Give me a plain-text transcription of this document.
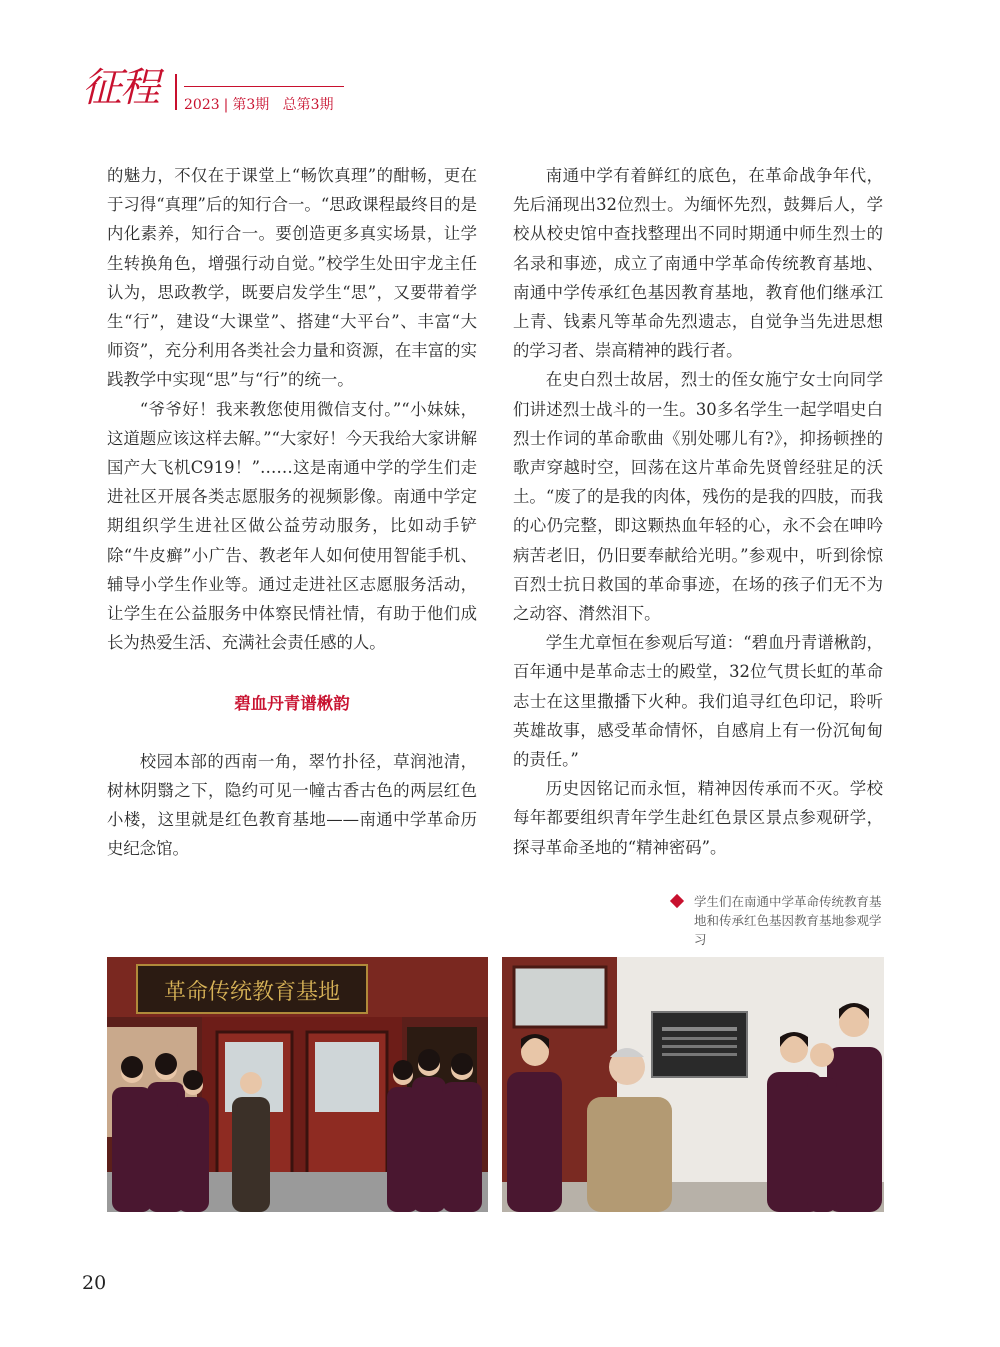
征程 2023 | 第3期 总第3期

的魅力，不仅在于课堂上“畅饮真理”的酣畅，更在于习得“真理”后的知行合一。“思政课程最终目的是内化素养，知行合一。要创造更多真实场景，让学生转换角色，增强行动自觉。”校学生处田宇龙主任认为，思政教学，既要启发学生“思”，又要带着学生“行”，建设“大课堂”、搭建“大平台”、丰富“大师资”，充分利用各类社会力量和资源，在丰富的实践教学中实现“思”与“行”的统一。

“爷爷好！我来教您使用微信支付。”“小妹妹，这道题应该这样去解。”“大家好！今天我给大家讲解国产大飞机C919！”……这是南通中学的学生们走进社区开展各类志愿服务的视频影像。南通中学定期组织学生进社区做公益劳动服务，比如动手铲除“牛皮癣”小广告、教老年人如何使用智能手机、辅导小学生作业等。通过走进社区志愿服务活动，让学生在公益服务中体察民情社情，有助于他们成长为热爱生活、充满社会责任感的人。

碧血丹青谱楸韵

校园本部的西南一角，翠竹扑径，草润池清，树林阴翳之下，隐约可见一幢古香古色的两层红色小楼，这里就是红色教育基地——南通中学革命历史纪念馆。

南通中学有着鲜红的底色，在革命战争年代，先后涌现出32位烈士。为缅怀先烈，鼓舞后人，学校从校史馆中查找整理出不同时期通中师生烈士的名录和事迹，成立了南通中学革命传统教育基地、南通中学传承红色基因教育基地，教育他们继承江上青、钱素凡等革命先烈遗志，自觉争当先进思想的学习者、崇高精神的践行者。

在史白烈士故居，烈士的侄女施宁女士向同学们讲述烈士战斗的一生。30多名学生一起学唱史白烈士作词的革命歌曲《别处哪儿有?》，抑扬顿挫的歌声穿越时空，回荡在这片革命先贤曾经驻足的沃土。“废了的是我的肉体，残伤的是我的四肢，而我的心仍完整，即这颗热血年轻的心，永不会在呻吟病苦老旧，仍旧要奉献给光明。”参观中，听到徐惊百烈士抗日救国的革命事迹，在场的孩子们无不为之动容、潸然泪下。

学生尤章恒在参观后写道：“碧血丹青谱楸韵，百年通中是革命志士的殿堂，32位气贯长虹的革命志士在这里撒播下火种。我们追寻红色印记，聆听英雄故事，感受革命情怀，自感肩上有一份沉甸甸的责任。”

历史因铭记而永恒，精神因传承而不灭。学校每年都要组织青年学生赴红色景区景点参观研学，探寻革命圣地的“精神密码”。

学生们在南通中学革命传统教育基地和传承红色基因教育基地参观学习
革命传统教育基地
20
